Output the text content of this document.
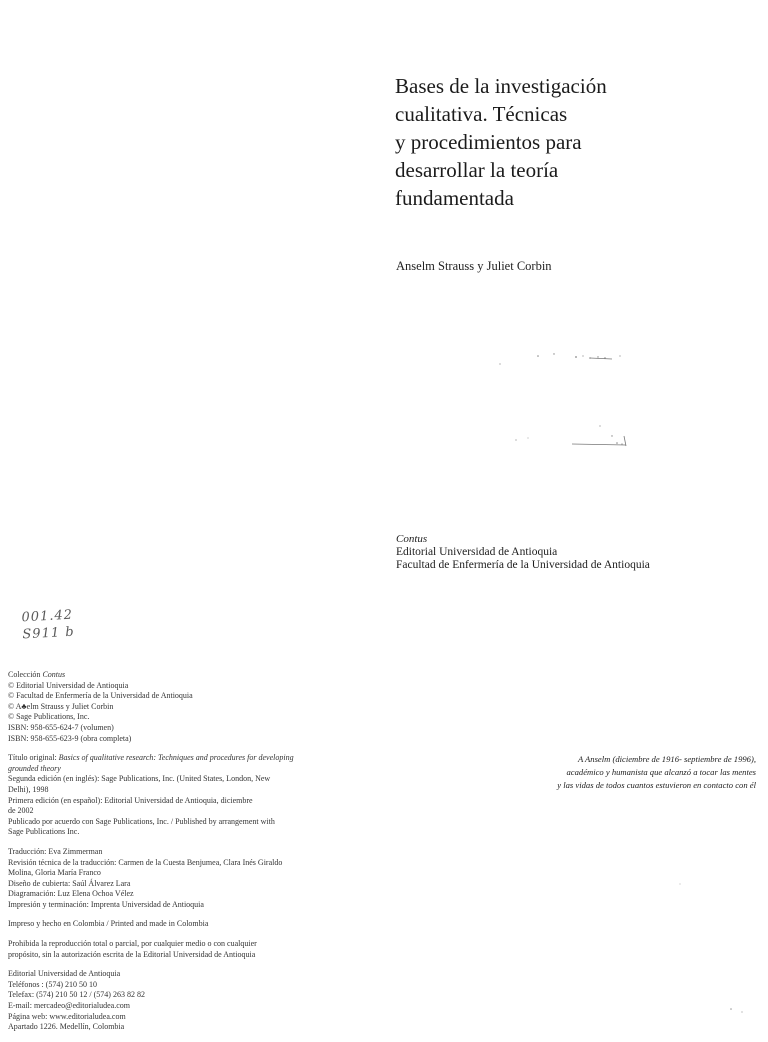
Bases de la investigación
cualitativa. Técnicas
y procedimientos para
desarrollar la teoría
fundamentada
Anselm Strauss y Juliet Corbin
Contus
Editorial Universidad de Antioquia
Facultad de Enfermería de la Universidad de Antioquia
001.42
S911 b
Colección Contus
© Editorial Universidad de Antioquia
© Facultad de Enfermería de la Universidad de Antioquia
© A♣elm Strauss y Juliet Corbin
© Sage Publications, Inc.
ISBN: 958-655-624-7 (volumen)
ISBN: 958-655-623-9 (obra completa)
Título original: Basics of qualitative research: Techniques and procedures for developing
grounded theory
Segunda edición (en inglés): Sage Publications, Inc. (United States, London, New
Delhi), 1998
Primera edición (en español): Editorial Universidad de Antioquia, diciembre
de 2002
Publicado por acuerdo con Sage Publications, Inc. / Published by arrangement with
Sage Publications Inc.
Traducción: Eva Zimmerman
Revisión técnica de la traducción: Carmen de la Cuesta Benjumea, Clara Inés Giraldo
Molina, Gloria María Franco
Diseño de cubierta: Saúl Álvarez Lara
Diagramación: Luz Elena Ochoa Vélez
Impresión y terminación: Imprenta Universidad de Antioquia
Impreso y hecho en Colombia / Printed and made in Colombia
Prohibida la reproducción total o parcial, por cualquier medio o con cualquier
propósito, sin la autorización escrita de la Editorial Universidad de Antioquia
Editorial Universidad de Antioquia
Teléfonos : (574) 210 50 10
Telefax: (574) 210 50 12 / (574) 263 82 82
E-mail: mercadeo@editorialudea.com
Página web: www.editorialudea.com
Apartado 1226. Medellín, Colombia
A Anselm (diciembre de 1916- septiembre de 1996),
académico y humanista que alcanzó a tocar las mentes
y las vidas de todos cuantos estuvieron en contacto con él
